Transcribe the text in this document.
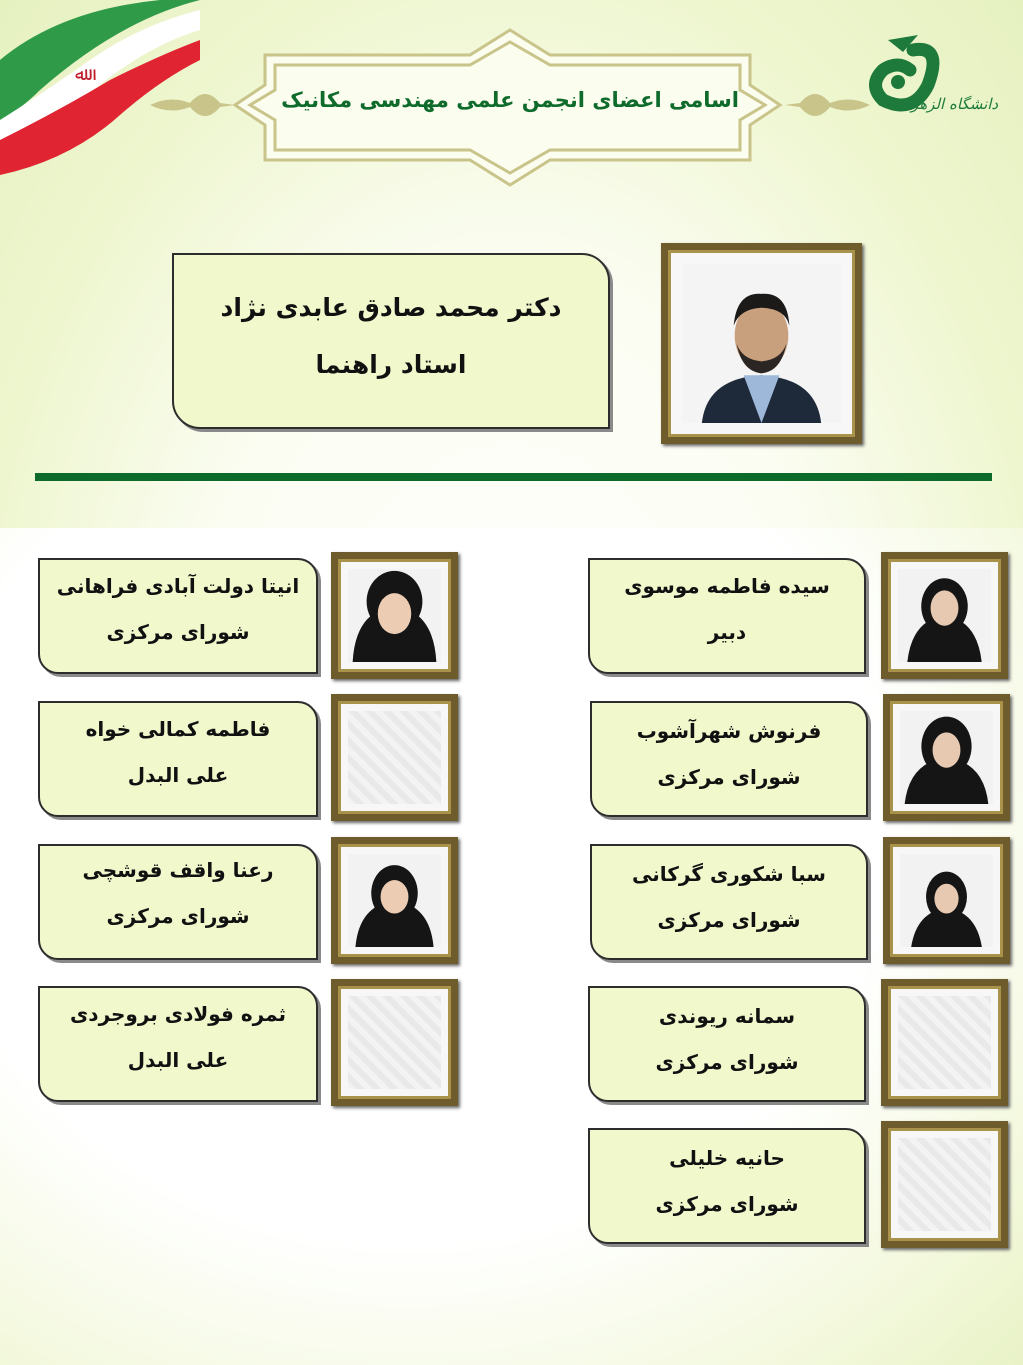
ﷲ
دانشگاه الزهرا
اسامی اعضای انجمن علمی مهندسی مکانیک
دکتر محمد صادق عابدی نژاد
استاد راهنما
سیده فاطمه موسوی
دبیر
فرنوش شهرآشوب
شورای مرکزی
سبا شکوری گرکانی
شورای مرکزی
سمانه ریوندی
شورای مرکزی
حانیه خلیلی
شورای مرکزی
انیتا دولت آبادی فراهانی
شورای مرکزی
فاطمه کمالی خواه
علی البدل
رعنا واقف قوشچی
شورای مرکزی
ثمره فولادی بروجردی
علی البدل
